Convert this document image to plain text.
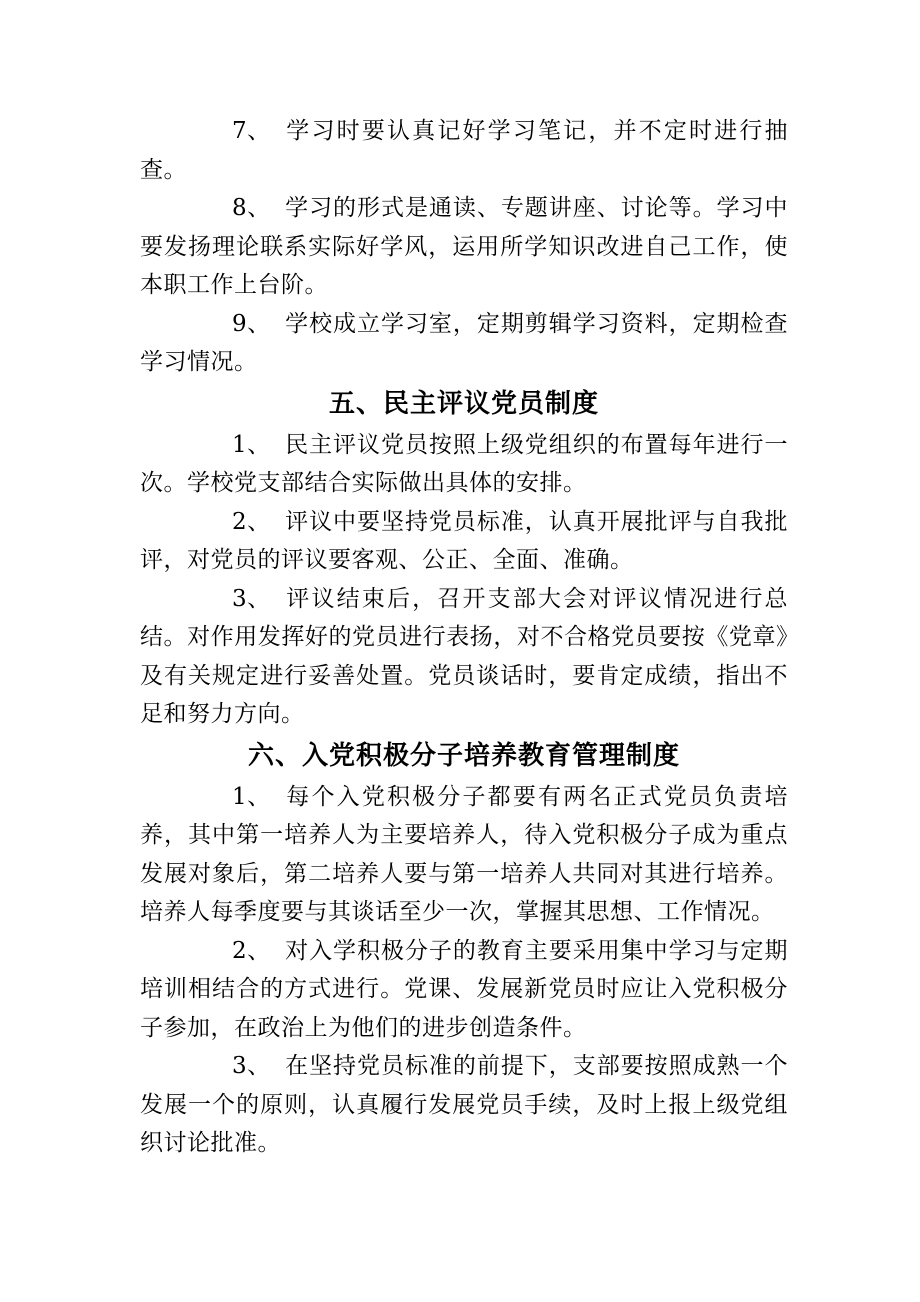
7、 学习时要认真记好学习笔记，并不定时进行抽查。

8、 学习的形式是通读、专题讲座、讨论等。学习中要发扬理论联系实际好学风，运用所学知识改进自己工作，使本职工作上台阶。

9、 学校成立学习室，定期剪辑学习资料，定期检查学习情况。

五、民主评议党员制度

1、 民主评议党员按照上级党组织的布置每年进行一次。学校党支部结合实际做出具体的安排。

2、 评议中要坚持党员标准，认真开展批评与自我批评，对党员的评议要客观、公正、全面、准确。

3、 评议结束后，召开支部大会对评议情况进行总结。对作用发挥好的党员进行表扬，对不合格党员要按《党章》及有关规定进行妥善处置。党员谈话时，要肯定成绩，指出不足和努力方向。

六、入党积极分子培养教育管理制度

1、 每个入党积极分子都要有两名正式党员负责培养，其中第一培养人为主要培养人，待入党积极分子成为重点发展对象后，第二培养人要与第一培养人共同对其进行培养。培养人每季度要与其谈话至少一次，掌握其思想、工作情况。

2、 对入学积极分子的教育主要采用集中学习与定期培训相结合的方式进行。党课、发展新党员时应让入党积极分子参加，在政治上为他们的进步创造条件。

3、 在坚持党员标准的前提下，支部要按照成熟一个发展一个的原则，认真履行发展党员手续，及时上报上级党组织讨论批准。
